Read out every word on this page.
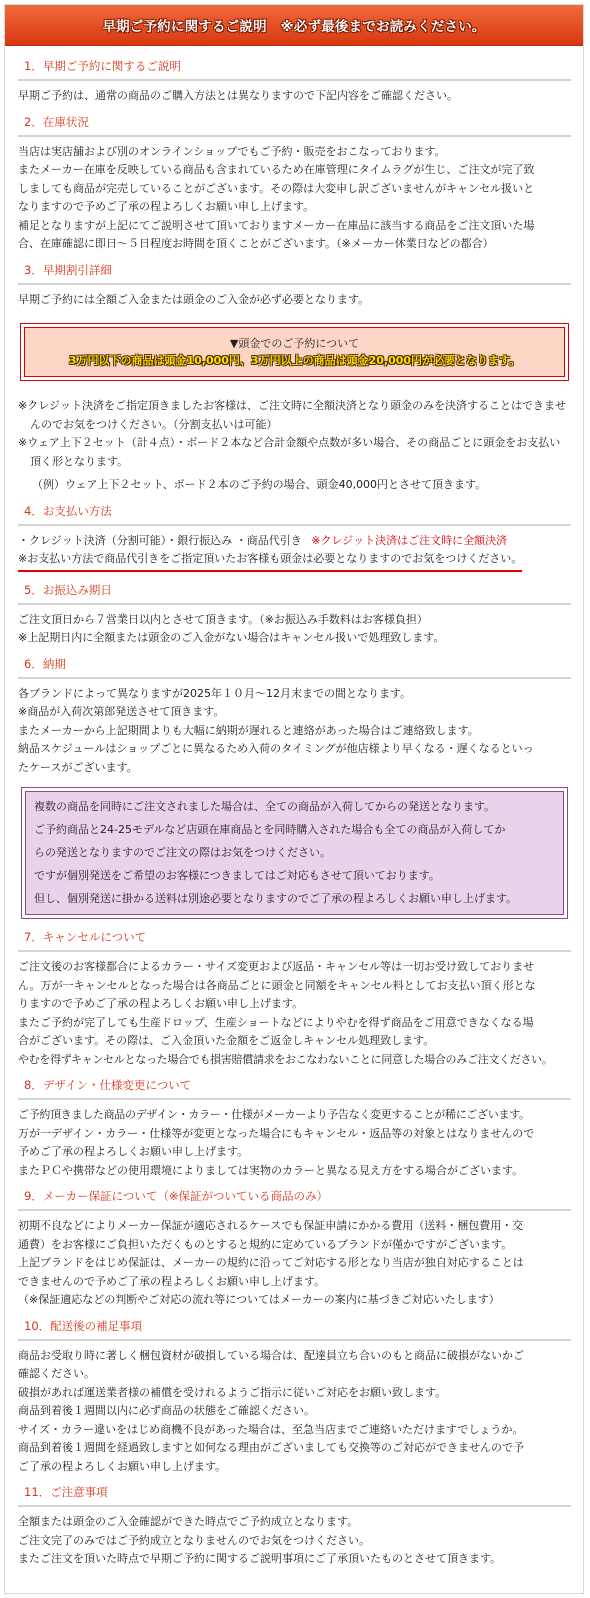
早期ご予約に関するご説明　※必ず最後までお読みください。
1．早期ご予約に関するご説明
早期ご予約は、通常の商品のご購入方法とは異なりますので下記内容をご確認ください。
2．在庫状況
当店は実店舗および別のオンラインショップでもご予約・販売をおこなっております。
またメーカー在庫を反映している商品も含まれているため在庫管理にタイムラグが生じ、ご注文が完了致
しましても商品が完売していることがございます。その際は大変申し訳ございませんがキャンセル扱いと
なりますので予めご了承の程よろしくお願い申し上げます。
補足となりますが上記にてご説明させて頂いておりますメーカー在庫品に該当する商品をご注文頂いた場
合、在庫確認に即日～５日程度お時間を頂くことがございます。（※メーカー休業日などの都合）
3．早期割引詳細
早期ご予約には全額ご入金または頭金のご入金が必ず必要となります。
▼頭金でのご予約について
3万円以下の商品は頭金10,000円、3万円以上の商品は頭金20,000円が必要となります。
※クレジット決済をご指定頂きましたお客様は、ご注文時に全額決済となり頭金のみを決済することはできませんのでお気をつけください。（分割支払いは可能）
※ウェア上下２セット（計４点）・ボード２本など合計金額や点数が多い場合、その商品ごとに頭金をお支払い頂く形となります。
（例）ウェア上下２セット、ボード２本のご予約の場合、頭金40,000円とさせて頂きます。
4．お支払い方法
・クレジット決済（分割可能）・銀行振込み ・商品代引き ※クレジット決済はご注文時に全額決済
※お支払い方法で商品代引きをご指定頂いたお客様も頭金は必要となりますのでお気をつけください。
5．お振込み期日
ご注文頂日から７営業日以内とさせて頂きます。（※お振込み手数料はお客様負担）
※上記期日内に全額または頭金のご入金がない場合はキャンセル扱いで処理致します。
6．納期
各ブランドによって異なりますが2025年１０月～12月末までの間となります。
※商品が入荷次第郎発送させて頂きます。
またメーカーから上記期間よりも大幅に納期が遅れると連絡があった場合はご連絡致します。
納品スケジュールはショップごとに異なるため入荷のタイミングが他店様より早くなる・遅くなるといっ
たケースがございます。
複数の商品を同時にご注文されました場合は、全ての商品が入荷してからの発送となります。
ご予約商品と24-25モデルなど店頭在庫商品とを同時購入された場合も全ての商品が入荷してか
らの発送となりますのでご注文の際はお気をつけください。
ですが個別発送をご希望のお客様につきましてはご対応もさせて頂いております。
但し、個別発送に掛かる送料は別途必要となりますのでご了承の程よろしくお願い申し上げます。
7．キャンセルについて
ご注文後のお客様都合によるカラー・サイズ変更および返品・キャンセル等は一切お受け致しておりませ
ん。万が一キャンセルとなった場合は各商品ごとに頭金と同額をキャンセル料としてお支払い頂く形とな
りますので予めご了承の程よろしくお願い申し上げます。
またご予約が完了しても生産ドロップ、生産ショートなどによりやむを得ず商品をご用意できなくなる場
合がございます。その際は、ご入金頂いた金額をご返金しキャンセル処理致します。
やむを得ずキャンセルとなった場合でも損害賠償請求をおこなわないことに同意した場合のみご注文ください。
8．デザイン・仕様変更について
ご予約頂きました商品のデザイン・カラー・仕様がメーカーより予告なく変更することが稀にございます。
万が一デザイン・カラー・仕様等が変更となった場合にもキャンセル・返品等の対象とはなりませんので
予めご了承の程よろしくお願い申し上げます。
またＰＣや携帯などの使用環境によりましては実物のカラーと異なる見え方をする場合がございます。
9．メーカー保証について（※保証がついている商品のみ）
初期不良などによりメーカー保証が適応されるケースでも保証申請にかかる費用（送料・梱包費用・交
通費）をお客様にご負担いただくものとすると規約に定めているブランドが僅かですがございます。
上記ブランドをはじめ保証は、メーカーの規約に沿ってご対応する形となり当店が独自対応することは
できませんので予めご了承の程よろしくお願い申し上げます。
（※保証適応などの判断やご対応の流れ等についてはメーカーの案内に基づきご対応いたします）
10．配送後の補足事項
商品お受取り時に著しく梱包資材が破損している場合は、配達員立ち合いのもと商品に破損がないかご
確認ください。
破損があれば運送業者様の補償を受けれるようご指示に従いご対応をお願い致します。
商品到着後１週間以内に必ず商品の状態をご確認ください。
サイズ・カラー違いをはじめ商機不良があった場合は、至急当店までご連絡いただけますでしょうか。
商品到着後１週間を経過致しますと如何なる理由がございましても交換等のご対応ができませんので予
ご了承の程よろしくお願い申し上げます。
11．ご注意事項
全額または頭金のご入金確認ができた時点でご予約成立となります。
ご注文完了のみではご予約成立となりませんのでお気をつけください。
またご注文を頂いた時点で早期ご予約に関するご説明事項にご了承頂いたものとさせて頂きます。
